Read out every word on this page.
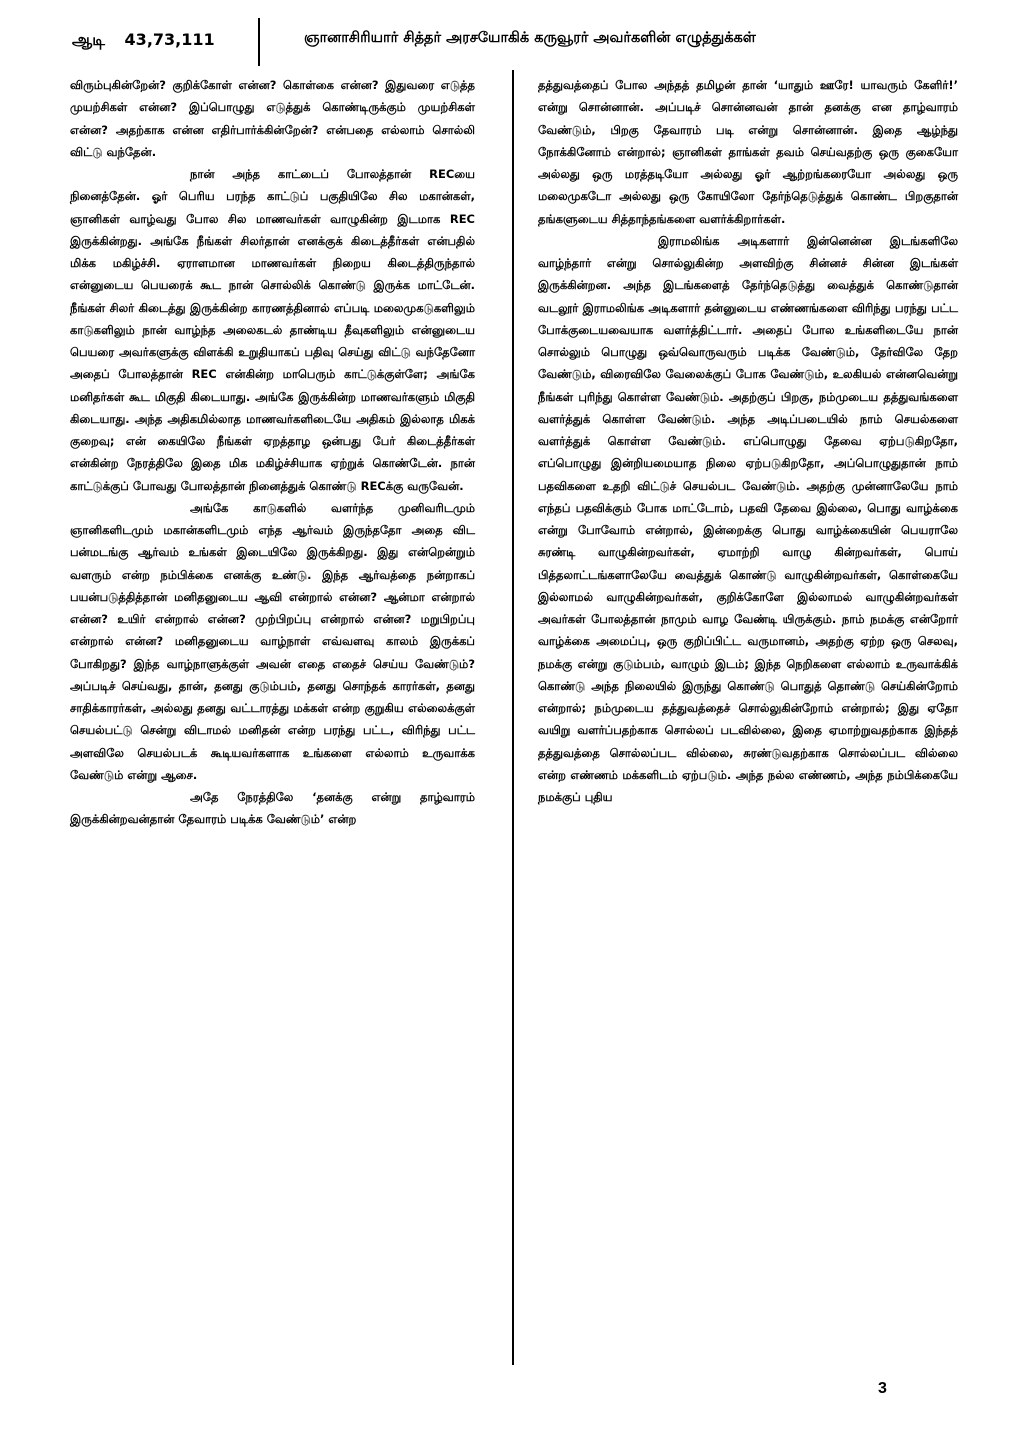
ஆடி 43,73,111	ஞானாசிரியார் சித்தர் அரசயோகிக் கருவூரர் அவர்களின் எழுத்துக்கள்

விரும்புகின்றேன்? குறிக்கோள் என்ன? கொள்கை என்ன? இதுவரை எடுத்த முயற்சிகள் என்ன? இப்பொழுது எடுத்துக் கொண்டிருக்கும் முயற்சிகள் என்ன? அதற்காக என்ன எதிர்பார்க்கின்றேன்? என்பதை எல்லாம் சொல்லி விட்டு வந்தேன்.

நான் அந்த காட்டைப் போலத்தான் RECயை நினைத்தேன். ஓர் பெரிய பரந்த காட்டுப் பகுதியிலே சில மகான்கள், ஞானிகள் வாழ்வது போல சில மாணவர்கள் வாழுகின்ற இடமாக REC இருக்கின்றது. அங்கே நீங்கள் சிலர்தான் எனக்குக் கிடைத்தீர்கள் என்பதில் மிக்க மகிழ்ச்சி. ஏராளமான மாணவர்கள் நிறைய கிடைத்திருந்தால் என்னுடைய பெயரைக் கூட நான் சொல்லிக் கொண்டு இருக்க மாட்டேன். நீங்கள் சிலர் கிடைத்து இருக்கின்ற காரணத்தினால் எப்படி மலைமுகடுகளிலும் காடுகளிலும் நான் வாழ்ந்த அலைகடல் தாண்டிய தீவுகளிலும் என்னுடைய பெயரை அவர்களுக்கு விளக்கி உறுதியாகப் பதிவு செய்து விட்டு வந்தேனோ அதைப் போலத்தான் REC என்கின்ற மாபெரும் காட்டுக்குள்ளே; அங்கே மனிதர்கள் கூட மிகுதி கிடையாது. அங்கே இருக்கின்ற மாணவர்களும் மிகுதி கிடையாது. அந்த அதிகமில்லாத மாணவர்களிடையே அதிகம் இல்லாத மிகக் குறைவு; என் கையிலே நீங்கள் ஏறத்தாழ ஒன்பது பேர் கிடைத்தீர்கள் என்கின்ற நேரத்திலே இதை மிக மகிழ்ச்சியாக ஏற்றுக் கொண்டேன். நான் காட்டுக்குப் போவது போலத்தான் நினைத்துக் கொண்டு RECக்கு வருவேன்.

அங்கே காடுகளில் வளர்ந்த முனிவரிடமும் ஞானிகளிடமும் மகான்களிடமும் எந்த ஆர்வம் இருந்ததோ அதை விட பன்மடங்கு ஆர்வம் உங்கள் இடையிலே இருக்கிறது. இது என்றென்றும் வளரும் என்ற நம்பிக்கை எனக்கு உண்டு. இந்த ஆர்வத்தை நன்றாகப் பயன்படுத்தித்தான் மனிதனுடைய ஆவி என்றால் என்ன? ஆன்மா என்றால் என்ன? உயிர் என்றால் என்ன? முற்பிறப்பு என்றால் என்ன? மறுபிறப்பு என்றால் என்ன? மனிதனுடைய வாழ்நாள் எவ்வளவு காலம் இருக்கப் போகிறது? இந்த வாழ்நாளுக்குள் அவன் எதை எதைச் செய்ய வேண்டும்? அப்படிச் செய்வது, தான், தனது குடும்பம், தனது சொந்தக் காரர்கள், தனது சாதிக்காரர்கள், அல்லது தனது வட்டாரத்து மக்கள் என்ற குறுகிய எல்லைக்குள் செயல்பட்டு சென்று விடாமல் மனிதன் என்ற பரந்து பட்ட, விரிந்து பட்ட அளவிலே செயல்படக் கூடியவர்களாக உங்களை எல்லாம் உருவாக்க வேண்டும் என்று ஆசை.

அதே நேரத்திலே ‘தனக்கு என்று தாழ்வாரம் இருக்கின்றவன்தான் தேவாரம் படிக்க வேண்டும்’ என்ற

தத்துவத்தைப் போல அந்தத் தமிழன் தான் ‘யாதும் ஊரே! யாவரும் கேளிர்!’ என்று சொன்னான். அப்படிச் சொன்னவன் தான் தனக்கு என தாழ்வாரம் வேண்டும், பிறகு தேவாரம் படி என்று சொன்னான். இதை ஆழ்ந்து நோக்கினோம் என்றால்; ஞானிகள் தாங்கள் தவம் செய்வதற்கு ஒரு குகையோ அல்லது ஒரு மரத்தடியோ அல்லது ஓர் ஆற்றங்கரையோ அல்லது ஒரு மலைமுகடோ அல்லது ஒரு கோயிலோ தேர்ந்தெடுத்துக் கொண்ட பிறகுதான் தங்களுடைய சித்தாந்தங்களை வளர்க்கிறார்கள்.

இராமலிங்க அடிகளார் இன்னென்ன இடங்களிலே வாழ்ந்தார் என்று சொல்லுகின்ற அளவிற்கு சின்னச் சின்ன இடங்கள் இருக்கின்றன. அந்த இடங்களைத் தேர்ந்தெடுத்து வைத்துக் கொண்டுதான் வடலூர் இராமலிங்க அடிகளார் தன்னுடைய எண்ணங்களை விரிந்து பரந்து பட்ட போக்குடையவையாக வளர்த்திட்டார். அதைப் போல உங்களிடையே நான் சொல்லும் பொழுது ஒவ்வொருவரும் படிக்க வேண்டும், தேர்விலே தேற வேண்டும், விரைவிலே வேலைக்குப் போக வேண்டும், உலகியல் என்னவென்று நீங்கள் புரிந்து கொள்ள வேண்டும். அதற்குப் பிறகு, நம்முடைய தத்துவங்களை வளர்த்துக் கொள்ள வேண்டும். அந்த அடிப்படையில் நாம் செயல்களை வளர்த்துக் கொள்ள வேண்டும். எப்பொழுது தேவை ஏற்படுகிறதோ, எப்பொழுது இன்றியமையாத நிலை ஏற்படுகிறதோ, அப்பொழுதுதான் நாம் பதவிகளை உதறி விட்டுச் செயல்பட வேண்டும். அதற்கு முன்னாலேயே நாம் எந்தப் பதவிக்கும் போக மாட்டோம், பதவி தேவை இல்லை, பொது வாழ்க்கை என்று போவோம் என்றால், இன்றைக்கு பொது வாழ்க்கையின் பெயராலே சுரண்டி வாழுகின்றவர்கள், ஏமாற்றி வாழு கின்றவர்கள், பொய் பித்தலாட்டங்களாலேயே வைத்துக் கொண்டு வாழுகின்றவர்கள், கொள்கையே இல்லாமல் வாழுகின்றவர்கள், குறிக்கோளே இல்லாமல் வாழுகின்றவர்கள் அவர்கள் போலத்தான் நாமும் வாழ வேண்டி யிருக்கும். நாம் நமக்கு என்றோர் வாழ்க்கை அமைப்பு, ஒரு குறிப்பிட்ட வருமானம், அதற்கு ஏற்ற ஒரு செலவு, நமக்கு என்று குடும்பம், வாழும் இடம்; இந்த நெறிகளை எல்லாம் உருவாக்கிக் கொண்டு அந்த நிலையில் இருந்து கொண்டு பொதுத் தொண்டு செய்கின்றோம் என்றால்; நம்முடைய தத்துவத்தைச் சொல்லுகின்றோம் என்றால்; இது ஏதோ வயிறு வளர்ப்பதற்காக சொல்லப் படவில்லை, இதை ஏமாற்றுவதற்காக இந்தத் தத்துவத்தை சொல்லப்பட வில்லை, சுரண்டுவதற்காக சொல்லப்பட வில்லை என்ற எண்ணம் மக்களிடம் ஏற்படும். அந்த நல்ல எண்ணம், அந்த நம்பிக்கையே நமக்குப் புதிய

3
